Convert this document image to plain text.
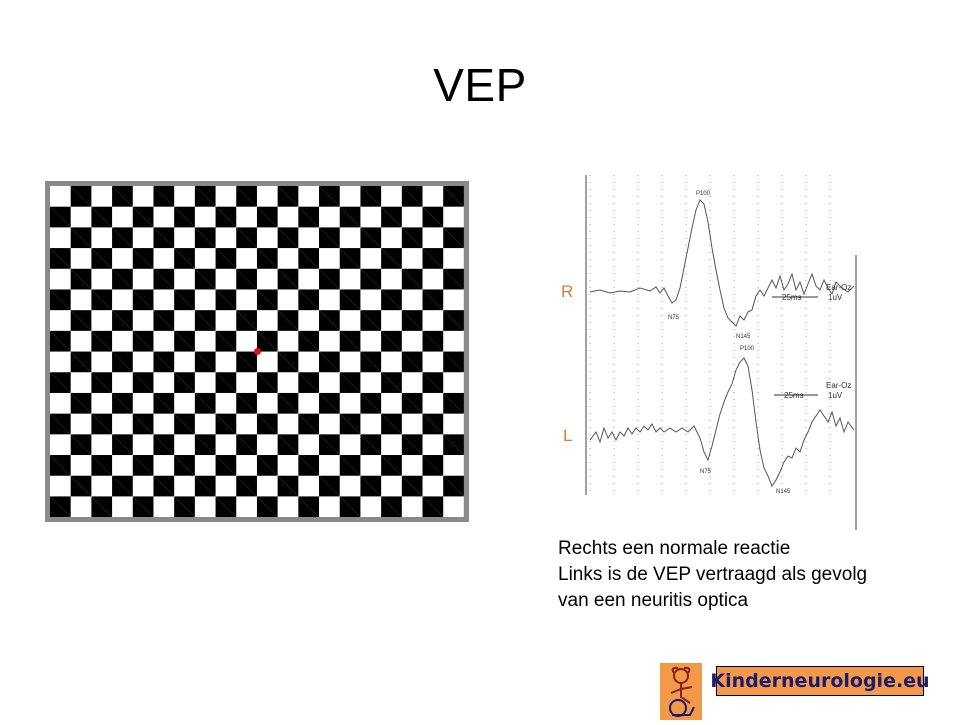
VEP
R
L
P100
N75
N145
25ms	1uV
Ear-Oz
P100
N75
N145
25ms	1uV
Ear-Oz
Rechts een normale reactie
Links is de VEP vertraagd als gevolg
van een neuritis optica
Kinderneurologie.eu
